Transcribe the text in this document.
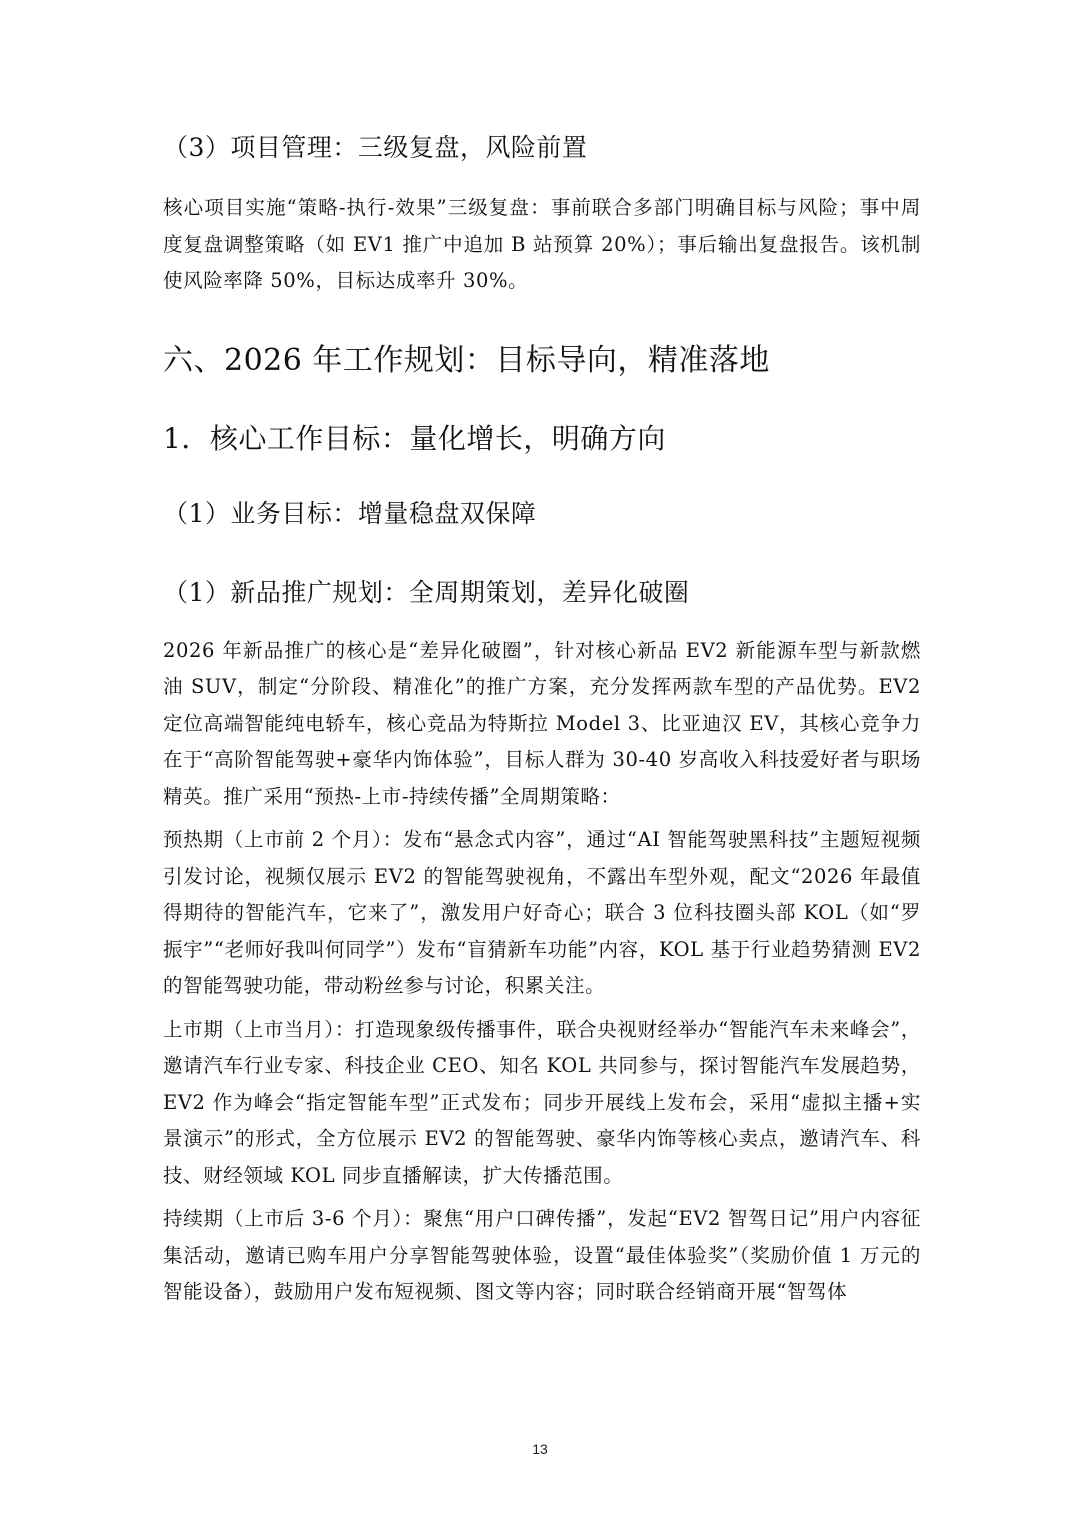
（3）项目管理：三级复盘，风险前置

核心项目实施“策略-执行-效果”三级复盘：事前联合多部门明确目标与风险；事中周度复盘调整策略（如 EV1 推广中追加 B 站预算 20%）；事后输出复盘报告。该机制使风险率降 50%，目标达成率升 30%。

六、2026 年工作规划：目标导向，精准落地
1．核心工作目标：量化增长，明确方向
（1）业务目标：增量稳盘双保障
（1）新品推广规划：全周期策划，差异化破圈

2026 年新品推广的核心是“差异化破圈”，针对核心新品 EV2 新能源车型与新款燃油 SUV，制定“分阶段、精准化”的推广方案，充分发挥两款车型的产品优势。EV2 定位高端智能纯电轿车，核心竞品为特斯拉 Model 3、比亚迪汉 EV，其核心竞争力在于“高阶智能驾驶+豪华内饰体验”，目标人群为 30-40 岁高收入科技爱好者与职场精英。推广采用“预热-上市-持续传播”全周期策略：

预热期（上市前 2 个月）：发布“悬念式内容”，通过“AI 智能驾驶黑科技”主题短视频引发讨论，视频仅展示 EV2 的智能驾驶视角，不露出车型外观，配文“2026 年最值得期待的智能汽车，它来了”，激发用户好奇心；联合 3 位科技圈头部 KOL（如“罗振宇”“老师好我叫何同学”）发布“盲猜新车功能”内容，KOL 基于行业趋势猜测 EV2 的智能驾驶功能，带动粉丝参与讨论，积累关注。

上市期（上市当月）：打造现象级传播事件，联合央视财经举办“智能汽车未来峰会”，邀请汽车行业专家、科技企业 CEO、知名 KOL 共同参与，探讨智能汽车发展趋势，EV2 作为峰会“指定智能车型”正式发布；同步开展线上发布会，采用“虚拟主播+实景演示”的形式，全方位展示 EV2 的智能驾驶、豪华内饰等核心卖点，邀请汽车、科技、财经领域 KOL 同步直播解读，扩大传播范围。

持续期（上市后 3-6 个月）：聚焦“用户口碑传播”，发起“EV2 智驾日记”用户内容征集活动，邀请已购车用户分享智能驾驶体验，设置“最佳体验奖”（奖励价值 1 万元的智能设备），鼓励用户发布短视频、图文等内容；同时联合经销商开展“智驾体

13
